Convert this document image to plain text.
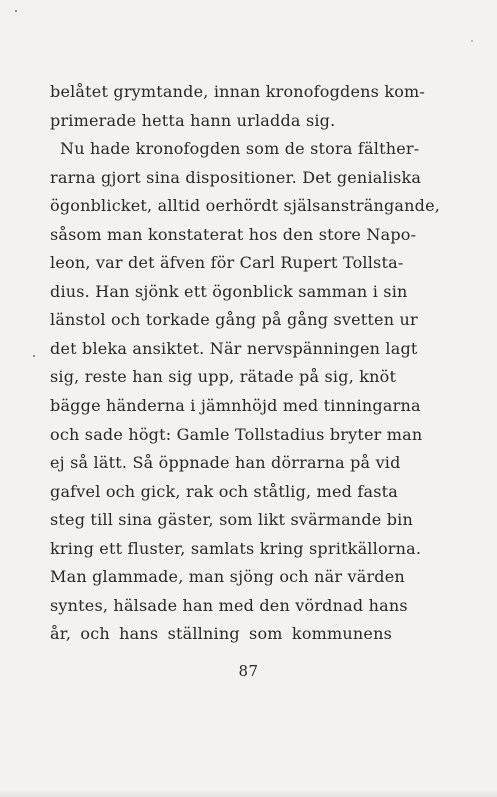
belåtet grymtande, innan kronofogdens kom-
primerade hetta hann urladda sig.
Nu hade kronofogden som de stora fälther-
rarna gjort sina dispositioner. Det genialiska
ögonblicket, alltid oerhördt själsansträngande,
såsom man konstaterat hos den store Napo-
leon, var det äfven för Carl Rupert Tollsta-
dius. Han sjönk ett ögonblick samman i sin
länstol och torkade gång på gång svetten ur
det bleka ansiktet. När nervspänningen lagt
sig, reste han sig upp, rätade på sig, knöt
bägge händerna i jämnhöjd med tinningarna
och sade högt: Gamle Tollstadius bryter man
ej så lätt. Så öppnade han dörrarna på vid
gafvel och gick, rak och ståtlig, med fasta
steg till sina gäster, som likt svärmande bin
kring ett fluster, samlats kring spritkällorna.
Man glammade, man sjöng och när värden
syntes, hälsade han med den vördnad hans
år, och hans ställning som kommunens
87
